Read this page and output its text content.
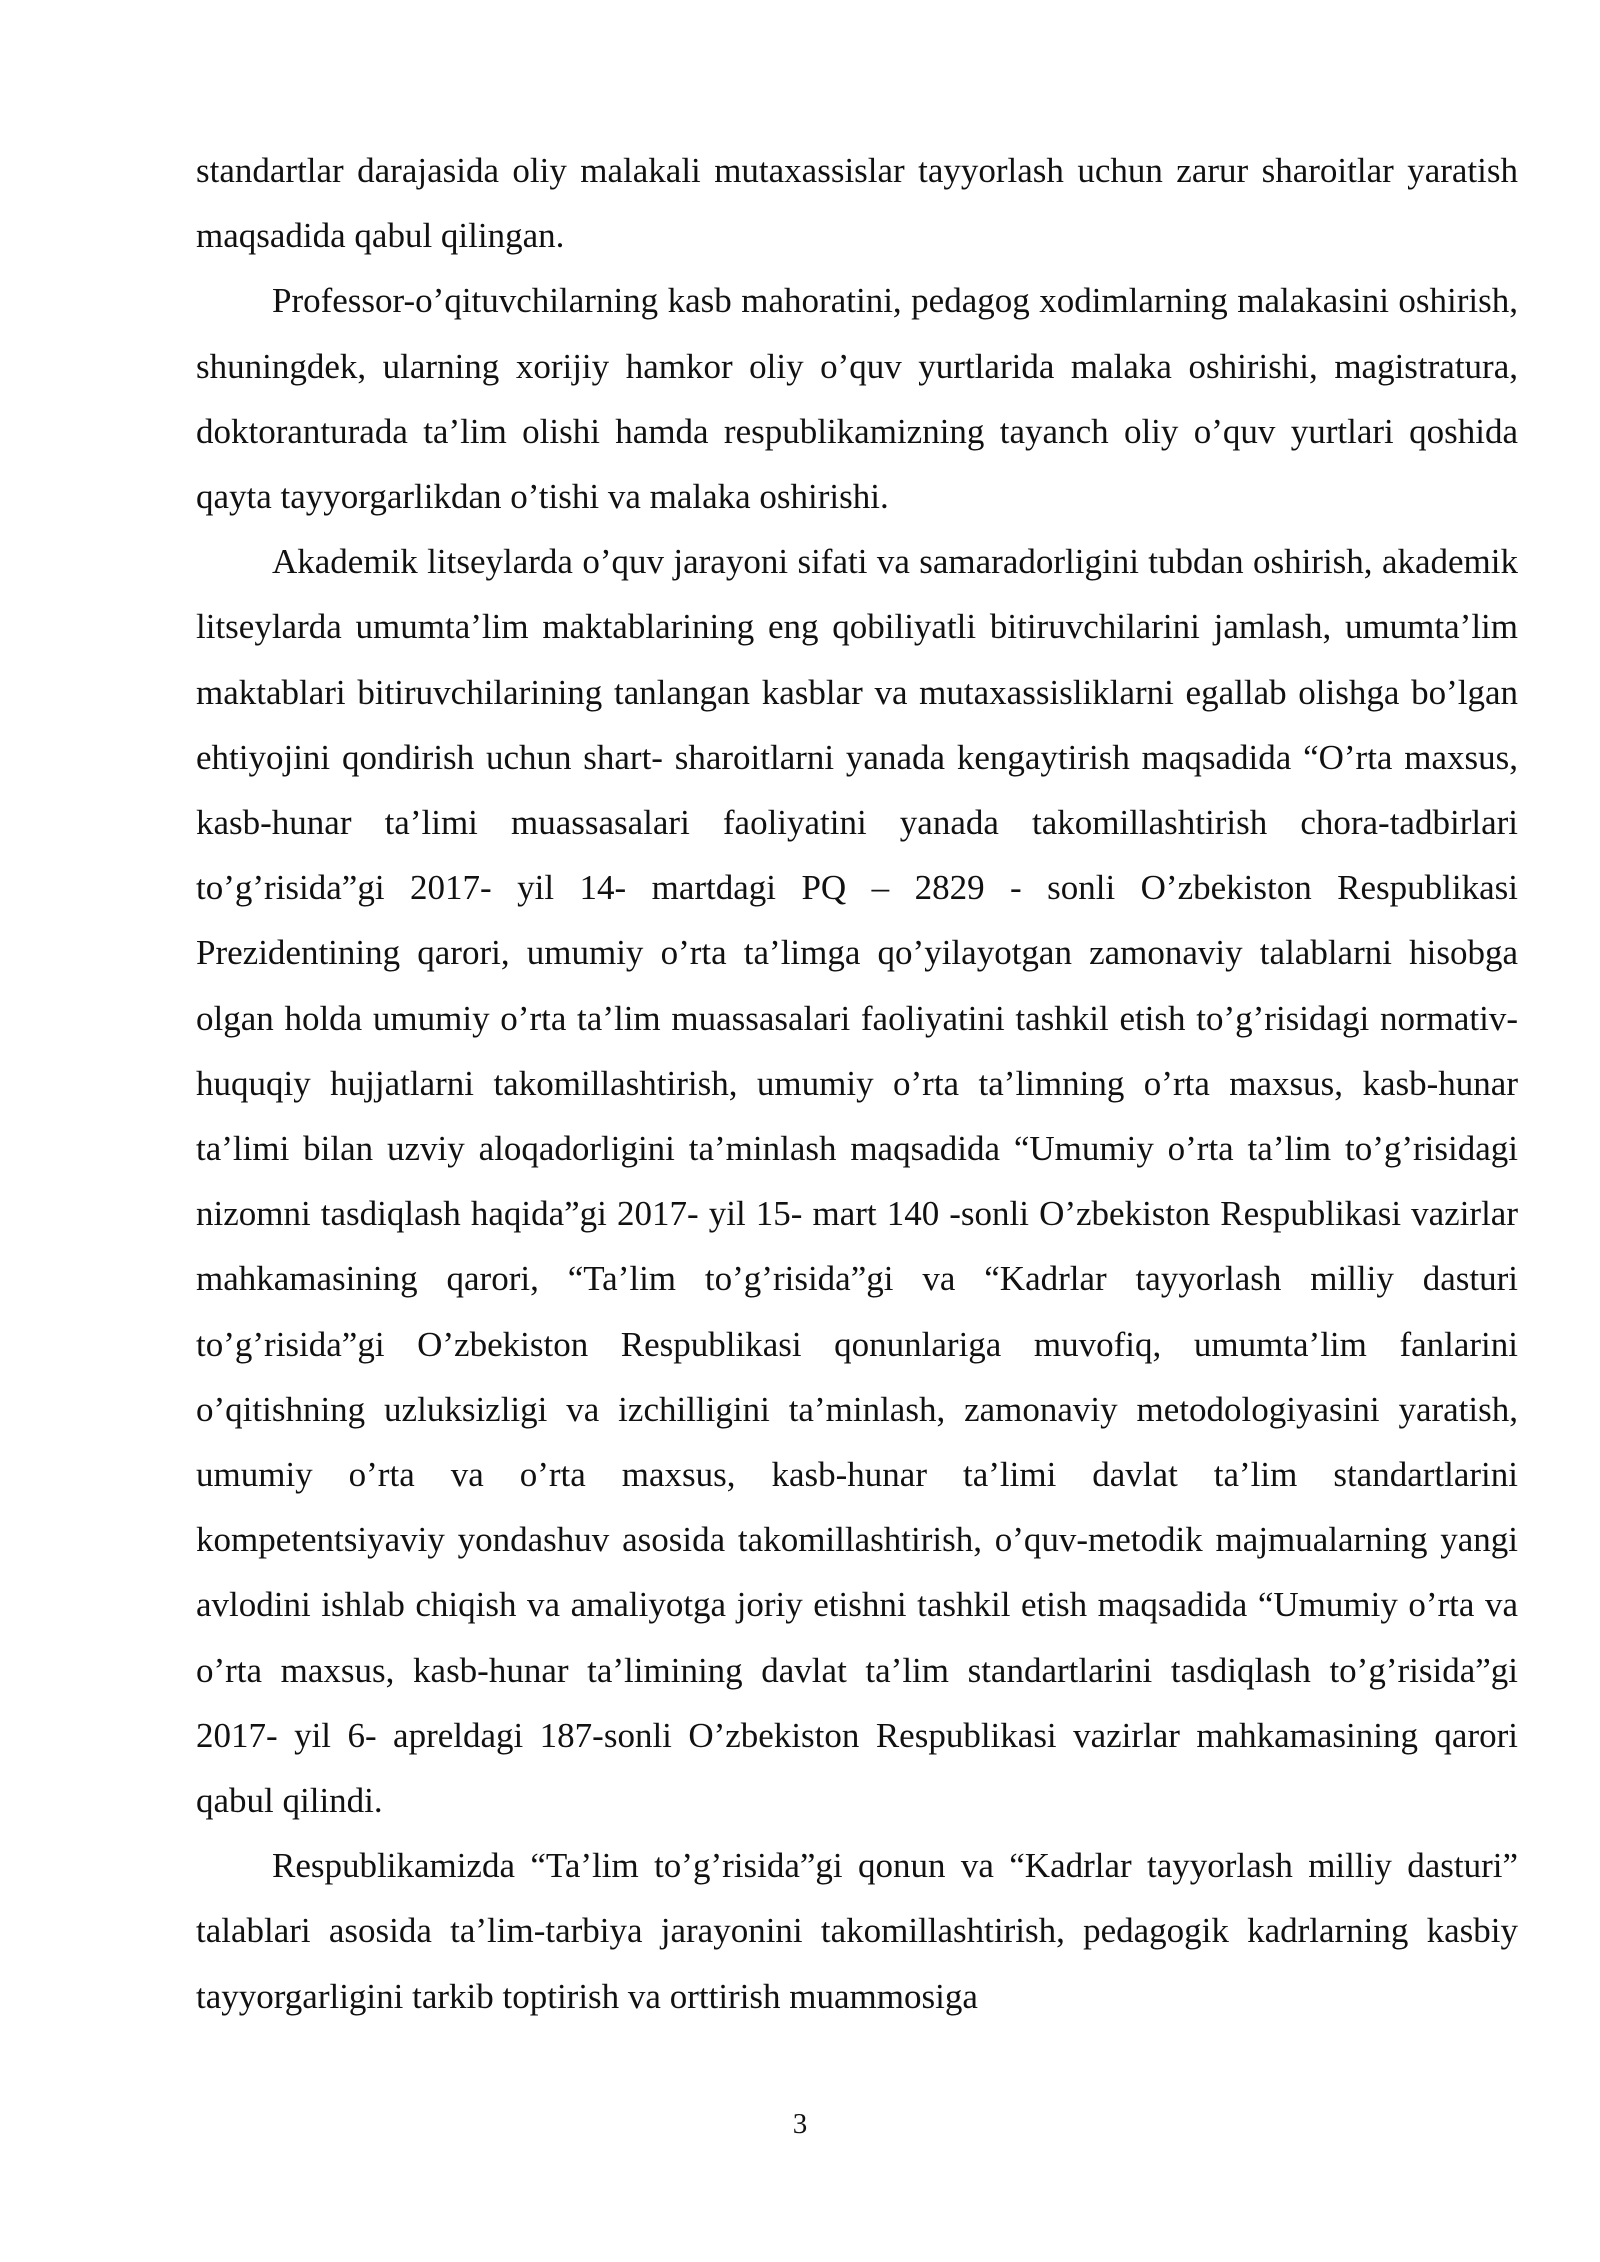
standartlar darajasida oliy malakali mutaxassislar tayyorlash uchun zarur sharoitlar yaratish maqsadida qabul qilingan.

Professor-o’qituvchilarning kasb mahoratini, pedagog xodimlarning malakasini oshirish, shuningdek, ularning xorijiy hamkor oliy o’quv yurtlarida malaka oshirishi, magistratura, doktoranturada ta’lim olishi hamda respublikamizning tayanch oliy o’quv yurtlari qoshida qayta tayyorgarlikdan o’tishi va malaka oshirishi.

Akademik litseylarda o’quv jarayoni sifati va samaradorligini tubdan oshirish, akademik litseylarda umumta’lim maktablarining eng qobiliyatli bitiruvchilarini jamlash, umumta’lim maktablari bitiruvchilarining tanlangan kasblar va mutaxassisliklarni egallab olishga bo’lgan ehtiyojini qondirish uchun shart- sharoitlarni yanada kengaytirish maqsadida “O’rta maxsus, kasb-hunar ta’limi muassasalari faoliyatini yanada takomillashtirish chora-tadbirlari to’g’risida”gi 2017- yil 14- martdagi PQ – 2829 - sonli O’zbekiston Respublikasi Prezidentining qarori, umumiy o’rta ta’limga qo’yilayotgan zamonaviy talablarni hisobga olgan holda umumiy o’rta ta’lim muassasalari faoliyatini tashkil etish to’g’risidagi normativ-huquqiy hujjatlarni takomillashtirish, umumiy o’rta ta’limning o’rta maxsus, kasb-hunar ta’limi bilan uzviy aloqadorligini ta’minlash maqsadida “Umumiy o’rta ta’lim to’g’risidagi nizomni tasdiqlash haqida”gi 2017- yil 15- mart 140 -sonli O’zbekiston Respublikasi vazirlar mahkamasining qarori, “Ta’lim to’g’risida”gi va “Kadrlar tayyorlash milliy dasturi to’g’risida”gi O’zbekiston Respublikasi qonunlariga muvofiq, umumta’lim fanlarini o’qitishning uzluksizligi va izchilligini ta’minlash, zamonaviy metodologiyasini yaratish, umumiy o’rta va o’rta maxsus, kasb-hunar ta’limi davlat ta’lim standartlarini kompetentsiyaviy yondashuv asosida takomillashtirish, o’quv-metodik majmualarning yangi avlodini ishlab chiqish va amaliyotga joriy etishni tashkil etish maqsadida “Umumiy o’rta va o’rta maxsus, kasb-hunar ta’limining davlat ta’lim standartlarini tasdiqlash to’g’risida”gi 2017- yil 6- apreldagi 187-sonli O’zbekiston Respublikasi vazirlar mahkamasining qarori qabul qilindi.

Respublikamizda “Ta’lim to’g’risida”gi qonun va “Kadrlar tayyorlash milliy dasturi” talablari asosida ta’lim-tarbiya jarayonini takomillashtirish, pedagogik kadrlarning kasbiy tayyorgarligini tarkib toptirish va orttirish muammosiga

3
